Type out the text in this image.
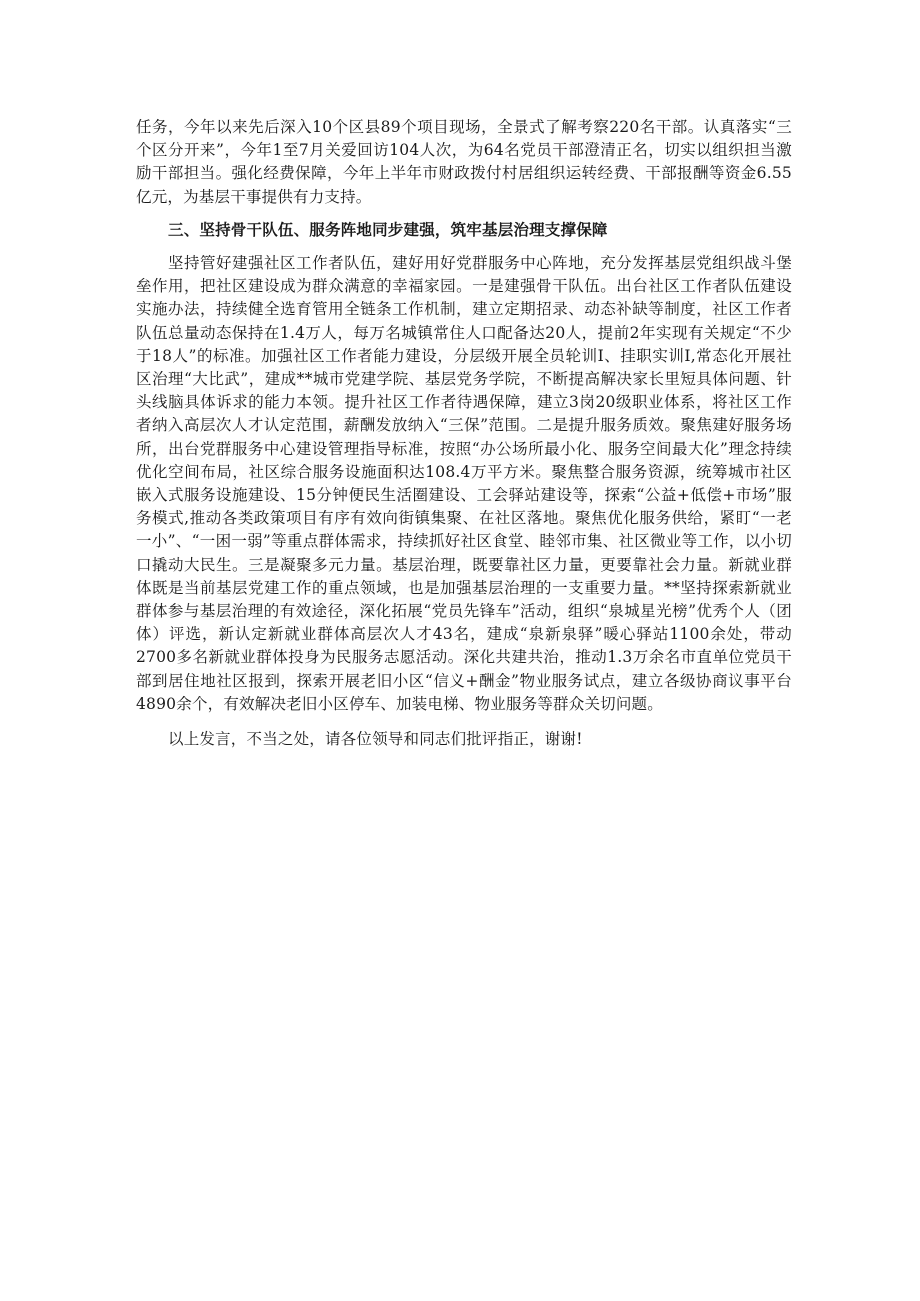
任务，今年以来先后深入10个区县89个项目现场，全景式了解考察220名干部。认真落实“三个区分开来”，今年1至7月关爱回访104人次，为64名党员干部澄清正名，切实以组织担当激励干部担当。强化经费保障，今年上半年市财政拨付村居组织运转经费、干部报酬等资金6.55亿元，为基层干事提供有力支持。

三、坚持骨干队伍、服务阵地同步建强，筑牢基层治理支撑保障

坚持管好建强社区工作者队伍，建好用好党群服务中心阵地，充分发挥基层党组织战斗堡垒作用，把社区建设成为群众满意的幸福家园。一是建强骨干队伍。出台社区工作者队伍建设实施办法，持续健全选育管用全链条工作机制，建立定期招录、动态补缺等制度，社区工作者队伍总量动态保持在1.4万人，每万名城镇常住人口配备达20人，提前2年实现有关规定“不少于18人”的标准。加强社区工作者能力建设，分层级开展全员轮训I、挂职实训I,常态化开展社区治理“大比武”，建成**城市党建学院、基层党务学院，不断提高解决家长里短具体问题、针头线脑具体诉求的能力本领。提升社区工作者待遇保障，建立3岗20级职业体系，将社区工作者纳入高层次人才认定范围，薪酬发放纳入“三保”范围。二是提升服务质效。聚焦建好服务场所，出台党群服务中心建设管理指导标准，按照“办公场所最小化、服务空间最大化”理念持续优化空间布局，社区综合服务设施面积达108.4万平方米。聚焦整合服务资源，统筹城市社区嵌入式服务设施建设、15分钟便民生活圈建设、工会驿站建设等，探索“公益+低偿+市场”服务模式,推动各类政策项目有序有效向街镇集聚、在社区落地。聚焦优化服务供给，紧盯“一老一小”、“一困一弱”等重点群体需求，持续抓好社区食堂、睦邻市集、社区微业等工作，以小切口撬动大民生。三是凝聚多元力量。基层治理，既要靠社区力量，更要靠社会力量。新就业群体既是当前基层党建工作的重点领域，也是加强基层治理的一支重要力量。**坚持探索新就业群体参与基层治理的有效途径，深化拓展“党员先锋车”活动，组织“泉城星光榜”优秀个人（团体）评选，新认定新就业群体高层次人才43名，建成“泉新泉驿”暖心驿站1100余处，带动2700多名新就业群体投身为民服务志愿活动。深化共建共治，推动1.3万余名市直单位党员干部到居住地社区报到，探索开展老旧小区“信义+酬金”物业服务试点，建立各级协商议事平台4890余个，有效解决老旧小区停车、加装电梯、物业服务等群众关切问题。

以上发言，不当之处，请各位领导和同志们批评指正，谢谢!
